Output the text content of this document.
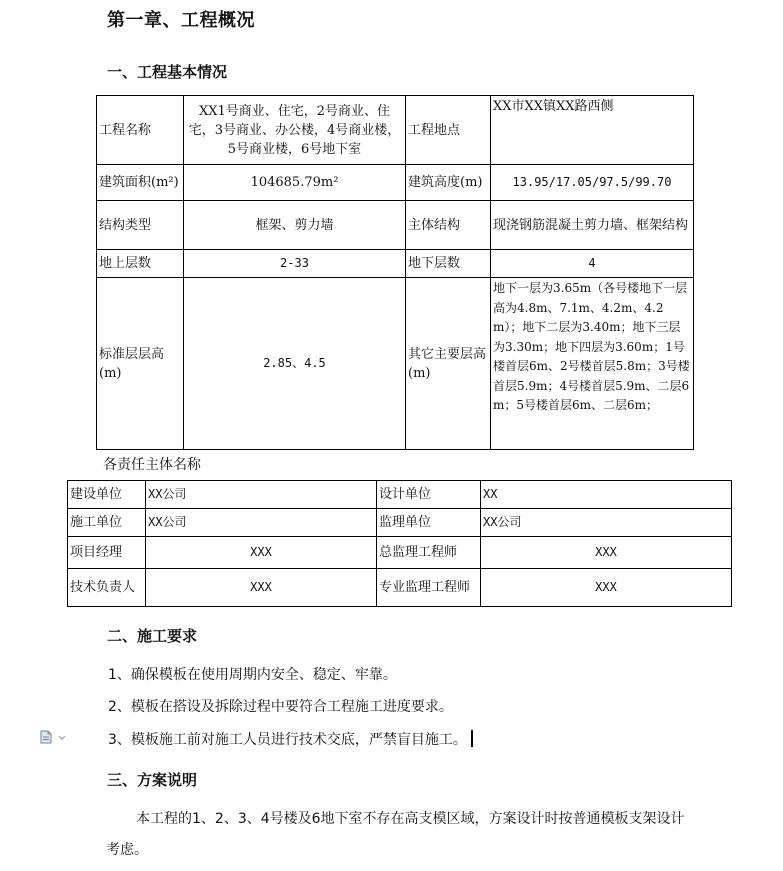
第一章、工程概况
一、工程基本情况
工程名称	XX1号商业、住宅，2号商业、住宅，3号商业、办公楼，4号商业楼，5号商业楼，6号地下室	工程地点	XX市XX镇XX路西侧
建筑面积(m²)	104685.79m²	建筑高度(m)	13.95/17.05/97.5/99.70
结构类型	框架、剪力墙	主体结构	现浇钢筋混凝土剪力墙、框架结构
地上层数	2-33	地下层数	4
标准层层高(m)	2.85、4.5	其它主要层高(m)	地下一层为3.65m（各号楼地下一层高为4.8m、7.1m、4.2m、4.2m）；地下二层为3.40m；地下三层为3.30m；地下四层为3.60m；1号楼首层6m、2号楼首层5.8m；3号楼首层5.9m；4号楼首层5.9m、二层6m；5号楼首层6m、二层6m；
各责任主体名称
建设单位	XX公司	设计单位	XX
施工单位	XX公司	监理单位	XX公司
项目经理	XXX	总监理工程师	XXX
技术负责人	XXX	专业监理工程师	XXX
二、施工要求
1、确保模板在使用周期内安全、稳定、牢靠。
2、模板在搭设及拆除过程中要符合工程施工进度要求。
3、模板施工前对施工人员进行技术交底，严禁盲目施工。
三、方案说明
本工程的1、2、3、4号楼及6地下室不存在高支模区域，方案设计时按普通模板支架设计考虑。
